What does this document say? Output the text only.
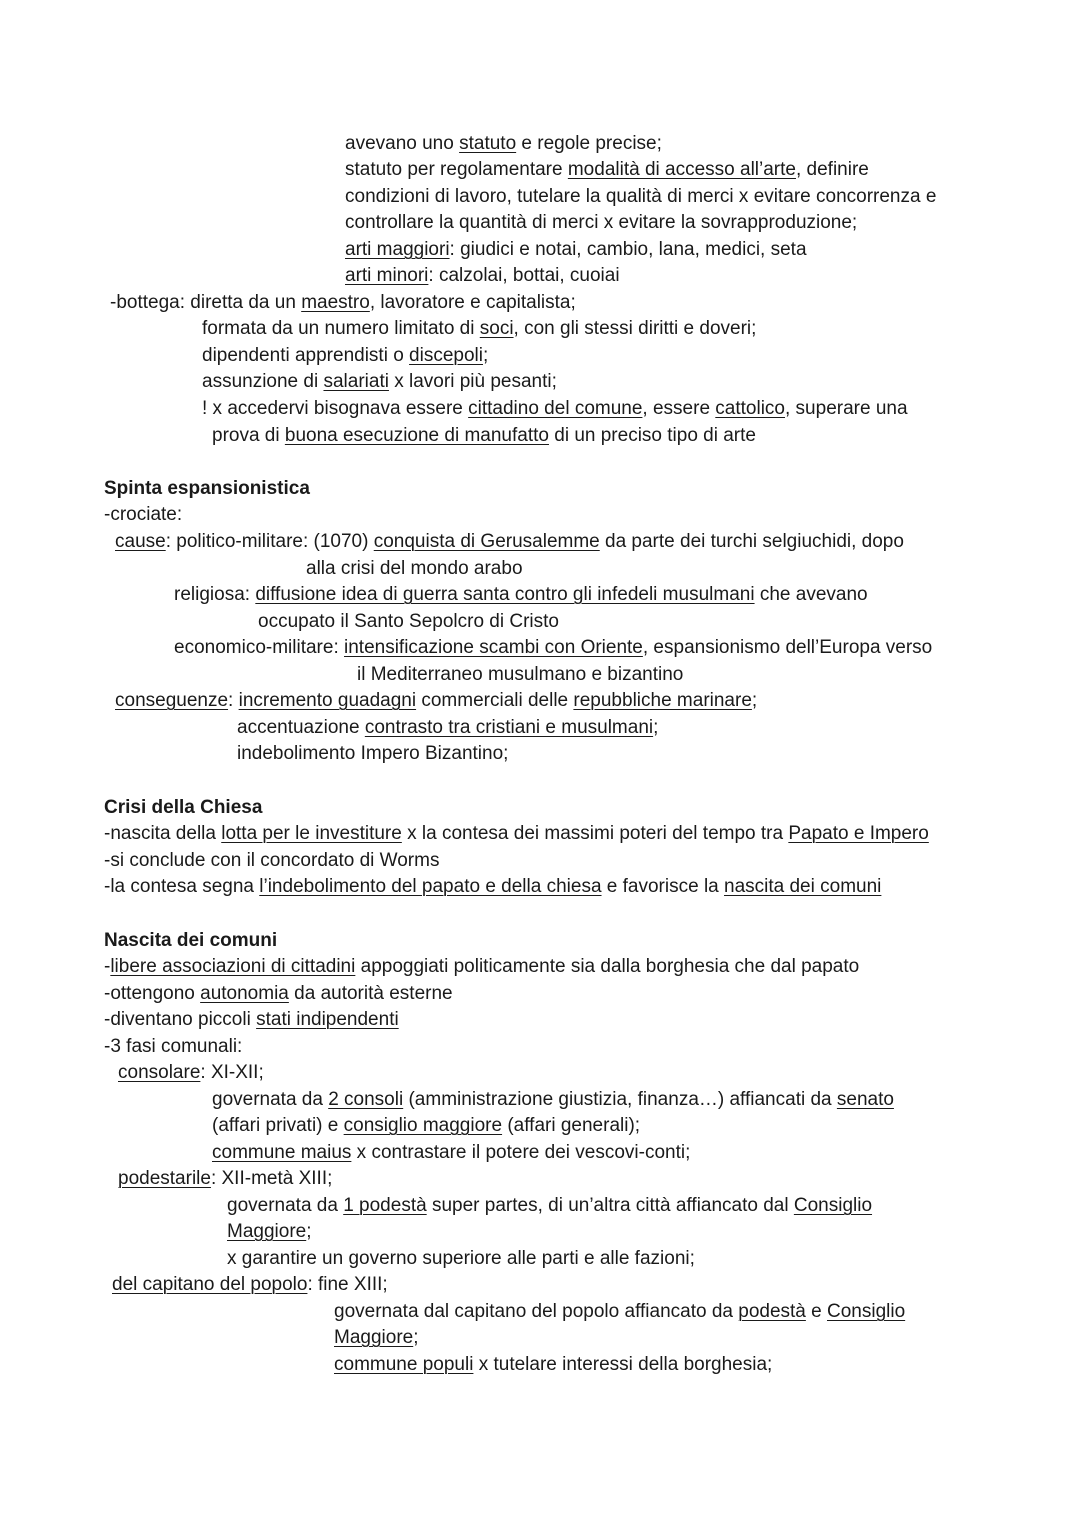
avevano uno statuto e regole precise;
statuto per regolamentare modalità di accesso all’arte, definire
condizioni di lavoro, tutelare la qualità di merci x evitare concorrenza e
controllare la quantità di merci x evitare la sovrapproduzione;
arti maggiori: giudici e notai, cambio, lana, medici, seta
arti minori: calzolai, bottai, cuoiai
-bottega: diretta da un maestro, lavoratore e capitalista;
formata da un numero limitato di soci, con gli stessi diritti e doveri;
dipendenti apprendisti o discepoli;
assunzione di salariati x lavori più pesanti;
! x accedervi bisognava essere cittadino del comune, essere cattolico, superare una
prova di buona esecuzione di manufatto di un preciso tipo di arte
Spinta espansionistica
-crociate:
cause: politico-militare: (1070) conquista di Gerusalemme da parte dei turchi selgiuchidi, dopo
alla crisi del mondo arabo
religiosa: diffusione idea di guerra santa contro gli infedeli musulmani che avevano
occupato il Santo Sepolcro di Cristo
economico-militare: intensificazione scambi con Oriente, espansionismo dell’Europa verso
il Mediterraneo musulmano e bizantino
conseguenze: incremento guadagni commerciali delle repubbliche marinare;
accentuazione contrasto tra cristiani e musulmani;
indebolimento Impero Bizantino;
Crisi della Chiesa
-nascita della lotta per le investiture x la contesa dei massimi poteri del tempo tra Papato e Impero
-si conclude con il concordato di Worms
-la contesa segna l’indebolimento del papato e della chiesa e favorisce la nascita dei comuni
Nascita dei comuni
-libere associazioni di cittadini appoggiati politicamente sia dalla borghesia che dal papato
-ottengono autonomia da autorità esterne
-diventano piccoli stati indipendenti
-3 fasi comunali:
consolare: XI-XII;
governata da 2 consoli (amministrazione giustizia, finanza…) affiancati da senato
(affari privati) e consiglio maggiore (affari generali);
commune maius x contrastare il potere dei vescovi-conti;
podestarile: XII-metà XIII;
governata da 1 podestà super partes, di un’altra città affiancato dal Consiglio
Maggiore;
x garantire un governo superiore alle parti e alle fazioni;
del capitano del popolo: fine XIII;
governata dal capitano del popolo affiancato da podestà e Consiglio
Maggiore;
commune populi x tutelare interessi della borghesia;
